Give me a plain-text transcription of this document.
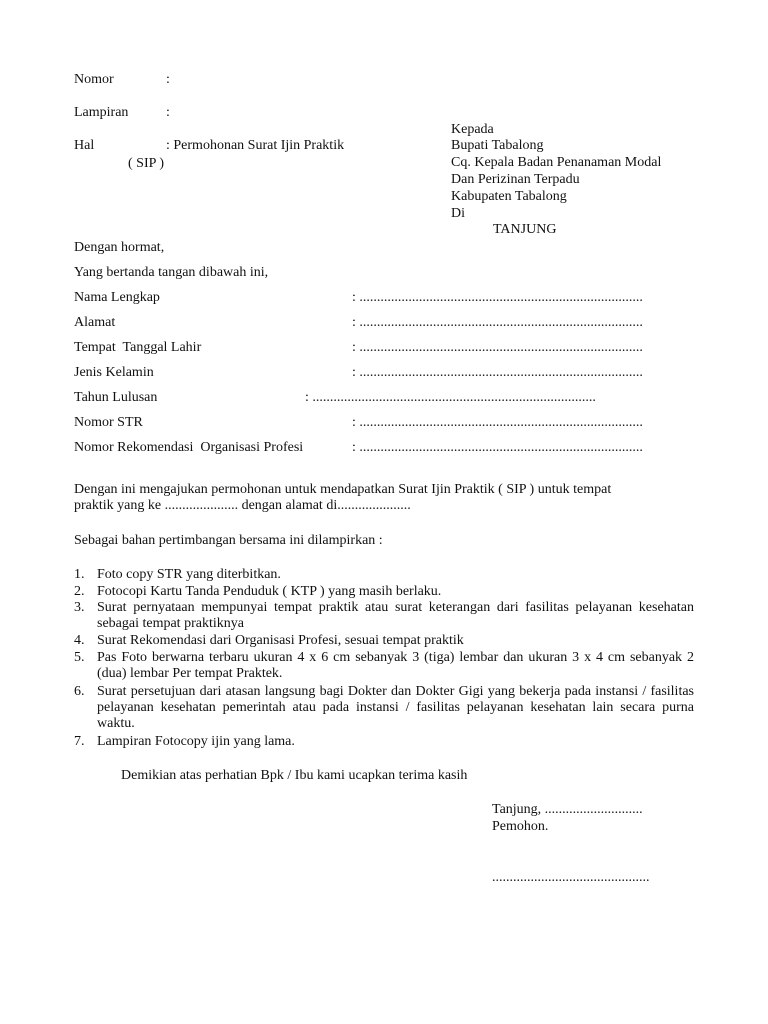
Nomor	:
Lampiran	:
Hal	: Permohonan Surat Ijin Praktik
( SIP )
Kepada
Bupati Tabalong
Cq. Kepala Badan Penanaman Modal
Dan Perizinan Terpadu
Kabupaten Tabalong
Di
TANJUNG
Dengan hormat,
Yang bertanda tangan dibawah ini,
Nama Lengkap	: .................................................................................
Alamat	: .................................................................................
Tempat  Tanggal Lahir	: .................................................................................
Jenis Kelamin	: .................................................................................
Tahun Lulusan	: .................................................................................
Nomor STR	: .................................................................................
Nomor Rekomendasi  Organisasi Profesi	: .................................................................................
Dengan ini mengajukan permohonan untuk mendapatkan Surat Ijin Praktik ( SIP ) untuk tempat
praktik yang ke ..................... dengan alamat di.....................
Sebagai bahan pertimbangan bersama ini dilampirkan :
1. Foto copy STR yang diterbitkan.
2. Fotocopi Kartu Tanda Penduduk ( KTP ) yang masih berlaku.
3. Surat pernyataan mempunyai tempat praktik atau surat keterangan dari fasilitas pelayanan kesehatan sebagai tempat praktiknya
4. Surat Rekomendasi dari Organisasi Profesi, sesuai tempat praktik
5. Pas Foto berwarna terbaru ukuran 4 x 6 cm sebanyak 3 (tiga) lembar dan ukuran 3 x 4 cm sebanyak 2 (dua) lembar Per tempat Praktek.
6. Surat persetujuan dari atasan langsung bagi Dokter dan Dokter Gigi yang bekerja pada instansi / fasilitas pelayanan kesehatan pemerintah atau pada instansi / fasilitas pelayanan kesehatan lain secara purna waktu.
7. Lampiran Fotocopy ijin yang lama.
Demikian atas perhatian Bpk / Ibu kami ucapkan terima kasih
Tanjung, ............................
Pemohon.
.............................................
